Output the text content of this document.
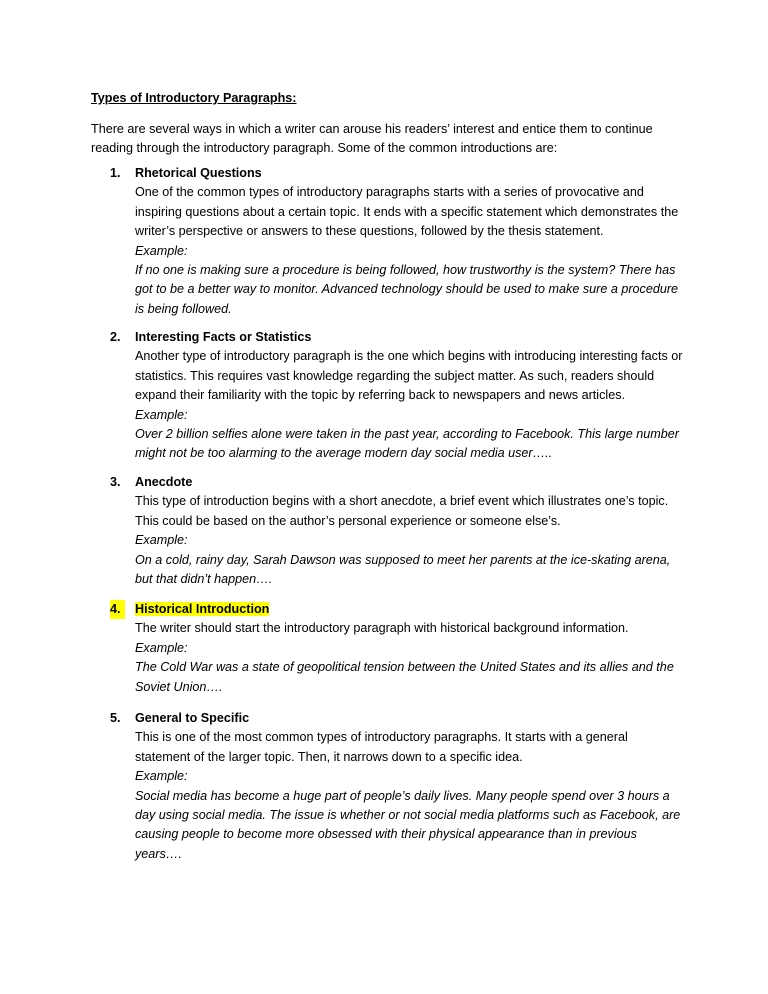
Types of Introductory Paragraphs:
There are several ways in which a writer can arouse his readers’ interest and entice them to continue reading through the introductory paragraph. Some of the common introductions are:
1. Rhetorical Questions
One of the common types of introductory paragraphs starts with a series of provocative and inspiring questions about a certain topic. It ends with a specific statement which demonstrates the writer’s perspective or answers to these questions, followed by the thesis statement.
Example:
If no one is making sure a procedure is being followed, how trustworthy is the system? There has got to be a better way to monitor. Advanced technology should be used to make sure a procedure is being followed.
2. Interesting Facts or Statistics
Another type of introductory paragraph is the one which begins with introducing interesting facts or statistics. This requires vast knowledge regarding the subject matter. As such, readers should expand their familiarity with the topic by referring back to newspapers and news articles.
Example:
Over 2 billion selfies alone were taken in the past year, according to Facebook. This large number might not be too alarming to the average modern day social media user…..
3. Anecdote
This type of introduction begins with a short anecdote, a brief event which illustrates one’s topic. This could be based on the author’s personal experience or someone else’s.
Example:
On a cold, rainy day, Sarah Dawson was supposed to meet her parents at the ice-skating arena, but that didn’t happen….
4.	Historical Introduction
The writer should start the introductory paragraph with historical background information.
Example:
The Cold War was a state of geopolitical tension between the United States and its allies and the Soviet Union….
5. General to Specific
This is one of the most common types of introductory paragraphs. It starts with a general statement of the larger topic. Then, it narrows down to a specific idea.
Example:
Social media has become a huge part of people’s daily lives. Many people spend over 3 hours a day using social media. The issue is whether or not social media platforms such as Facebook, are causing people to become more obsessed with their physical appearance than in previous years….
